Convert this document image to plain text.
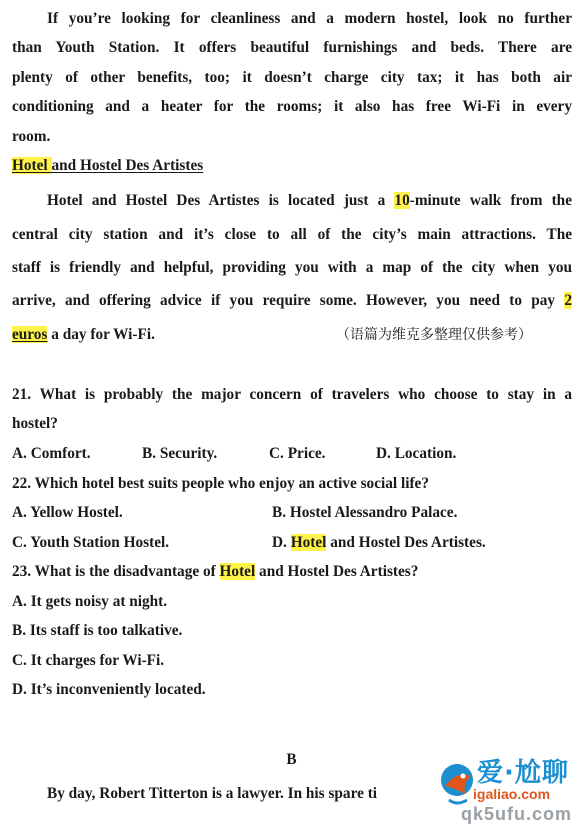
If you’re looking for cleanliness and a modern hostel, look no further
than Youth Station. It offers beautiful furnishings and beds. There are
plenty of other benefits, too; it doesn’t charge city tax; it has both air
conditioning and a heater for the rooms; it also has free Wi-Fi in every
room.
Hotel and Hostel Des Artistes
Hotel and Hostel Des Artistes is located just a 10-minute walk from the
central city station and it’s close to all of the city’s main attractions. The
staff is friendly and helpful, providing you with a map of the city when you
arrive, and offering advice if you require some. However, you need to pay 2
euros a day for Wi-Fi.	（语篇为维克多整理仅供参考）
21. What is probably the major concern of travelers who choose to stay in a
hostel?
A. Comfort.	B. Security.	C. Price.	D. Location.
22. Which hotel best suits people who enjoy an active social life?
A. Yellow Hostel.	B. Hostel Alessandro Palace.
C. Youth Station Hostel.	D. Hotel and Hostel Des Artistes.
23. What is the disadvantage of Hotel and Hostel Des Artistes?
A. It gets noisy at night.
B. Its staff is too talkative.
C. It charges for Wi-Fi.
D. It’s inconveniently located.
B
By day, Robert Titterton is a lawyer. In his spare ti
爱·尬聊
igaliao.com
qk5ufu.com
